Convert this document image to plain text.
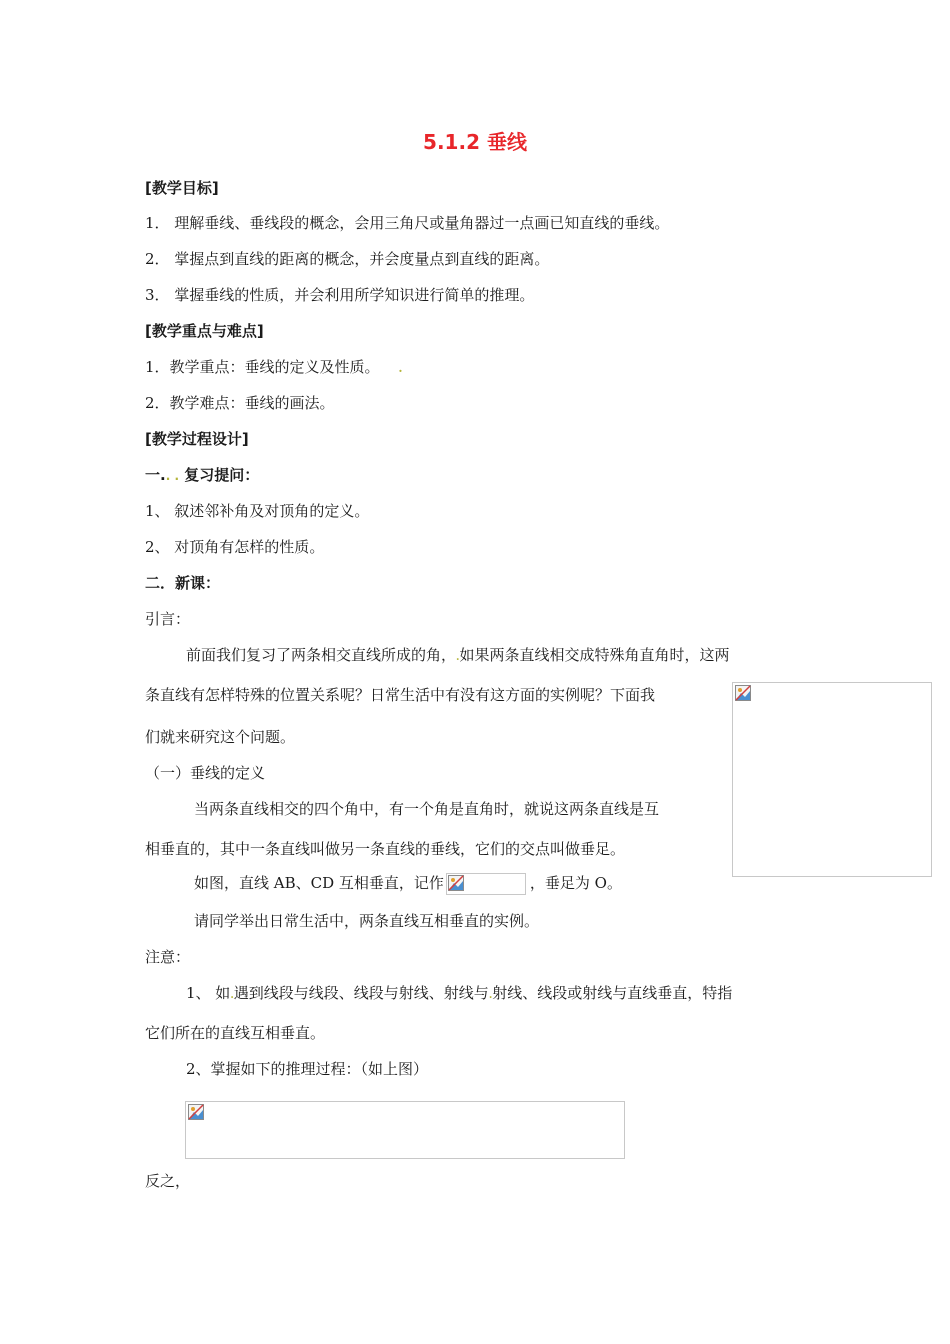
5.1.2 垂线
[教学目标]
1． 理解垂线、垂线段的概念，会用三角尺或量角器过一点画已知直线的垂线。
2． 掌握点到直线的距离的概念，并会度量点到直线的距离。
3． 掌握垂线的性质，并会利用所学知识进行简单的推理。
[教学重点与难点]
1．教学重点：垂线的定义及性质。 .
2．教学难点：垂线的画法。
[教学过程设计]
一.. . 复习提问：
1、 叙述邻补角及对顶角的定义。
2、 对顶角有怎样的性质。
二．新课：
引言：
前面我们复习了两条相交直线所成的角，.如果两条直线相交成特殊角直角时，这两
条直线有怎样特殊的位置关系呢？日常生活中有没有这方面的实例呢？下面我
们就来研究这个问题。
（一）垂线的定义
当两条直线相交的四个角中，有一个角是直角时，就说这两条直线是互
相垂直的，其中一条直线叫做另一条直线的垂线，它们的交点叫做垂足。
如图，直线 AB、CD 互相垂直，记作	，垂足为 O。
请同学举出日常生活中，两条直线互相垂直的实例。
注意：
1、 如.遇到线段与线段、线段与射线、射线与.射线、线段或射线与直线垂直，特指
它们所在的直线互相垂直。
2、掌握如下的推理过程：（如上图）
反之，
